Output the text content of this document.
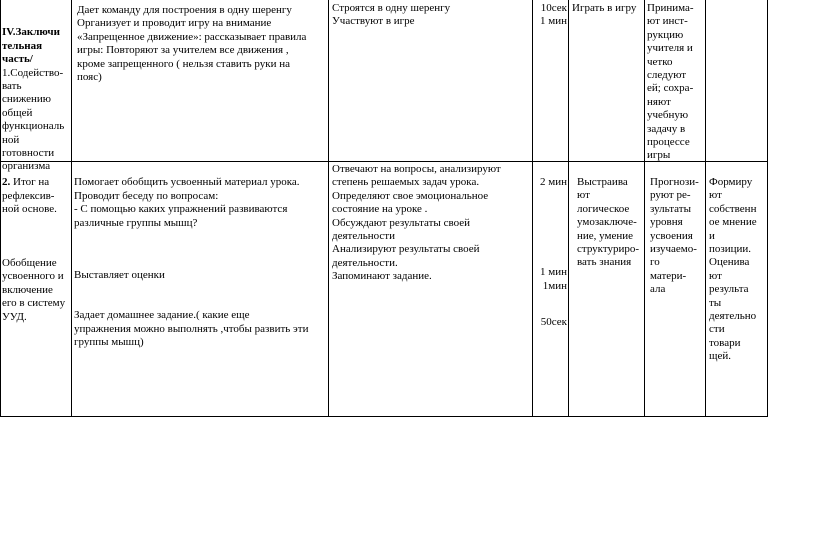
IV.Заключи тельная часть/

1.Содейство-
вать
снижению
общей
функциональ
ной
готовности
организма

Дает команду для построения в одну шеренгу
Организует и проводит игру на внимание
«Запрещенное движение»: рассказывает правила
игры: Повторяют за учителем все движения ,
кроме запрещенного ( нельзя ставить руки на
пояс)
Строятся в одну шеренгу
Участвуют в игре
10сек
1 мин
Играть в игру Принима-
ют инст-
рукцию
учителя и
четко
следуют
ей; сохра-
няют
учебную
задачу в
процессе
игры

2. Итог на
рефлексив-
ной основе.

Обобщение
усвоенного и
включение
его в систему
УУД.

Помогает обобщить усвоенный материал урока.
Проводит беседу по вопросам:
- С помощью каких упражнений развиваются
различные группы мышц?

Выставляет оценки

Задает домашнее задание.( какие еще
упражнения можно выполнять ,чтобы развить эти
группы мышц)

Отвечают на вопросы, анализируют
степень решаемых задач урока.
Определяют свое эмоциональное
состояние на уроке .
Обсуждают результаты своей
деятельности
Анализируют результаты своей
деятельности.
Запоминают задание.

2 мин

1 мин
1мин

50сек

Выстраива
ют
логическое
умозаключе-
ние, умение
структуриро-
вать знания
Прогнози-
руют ре-
зультаты
уровня
усвоения
изучаемо-
го
матери-
ала
Формиру
ют
собственн
ое мнение
и
позиции.
Оценива
ют
результа
ты
деятельно
сти
товари
щей.
